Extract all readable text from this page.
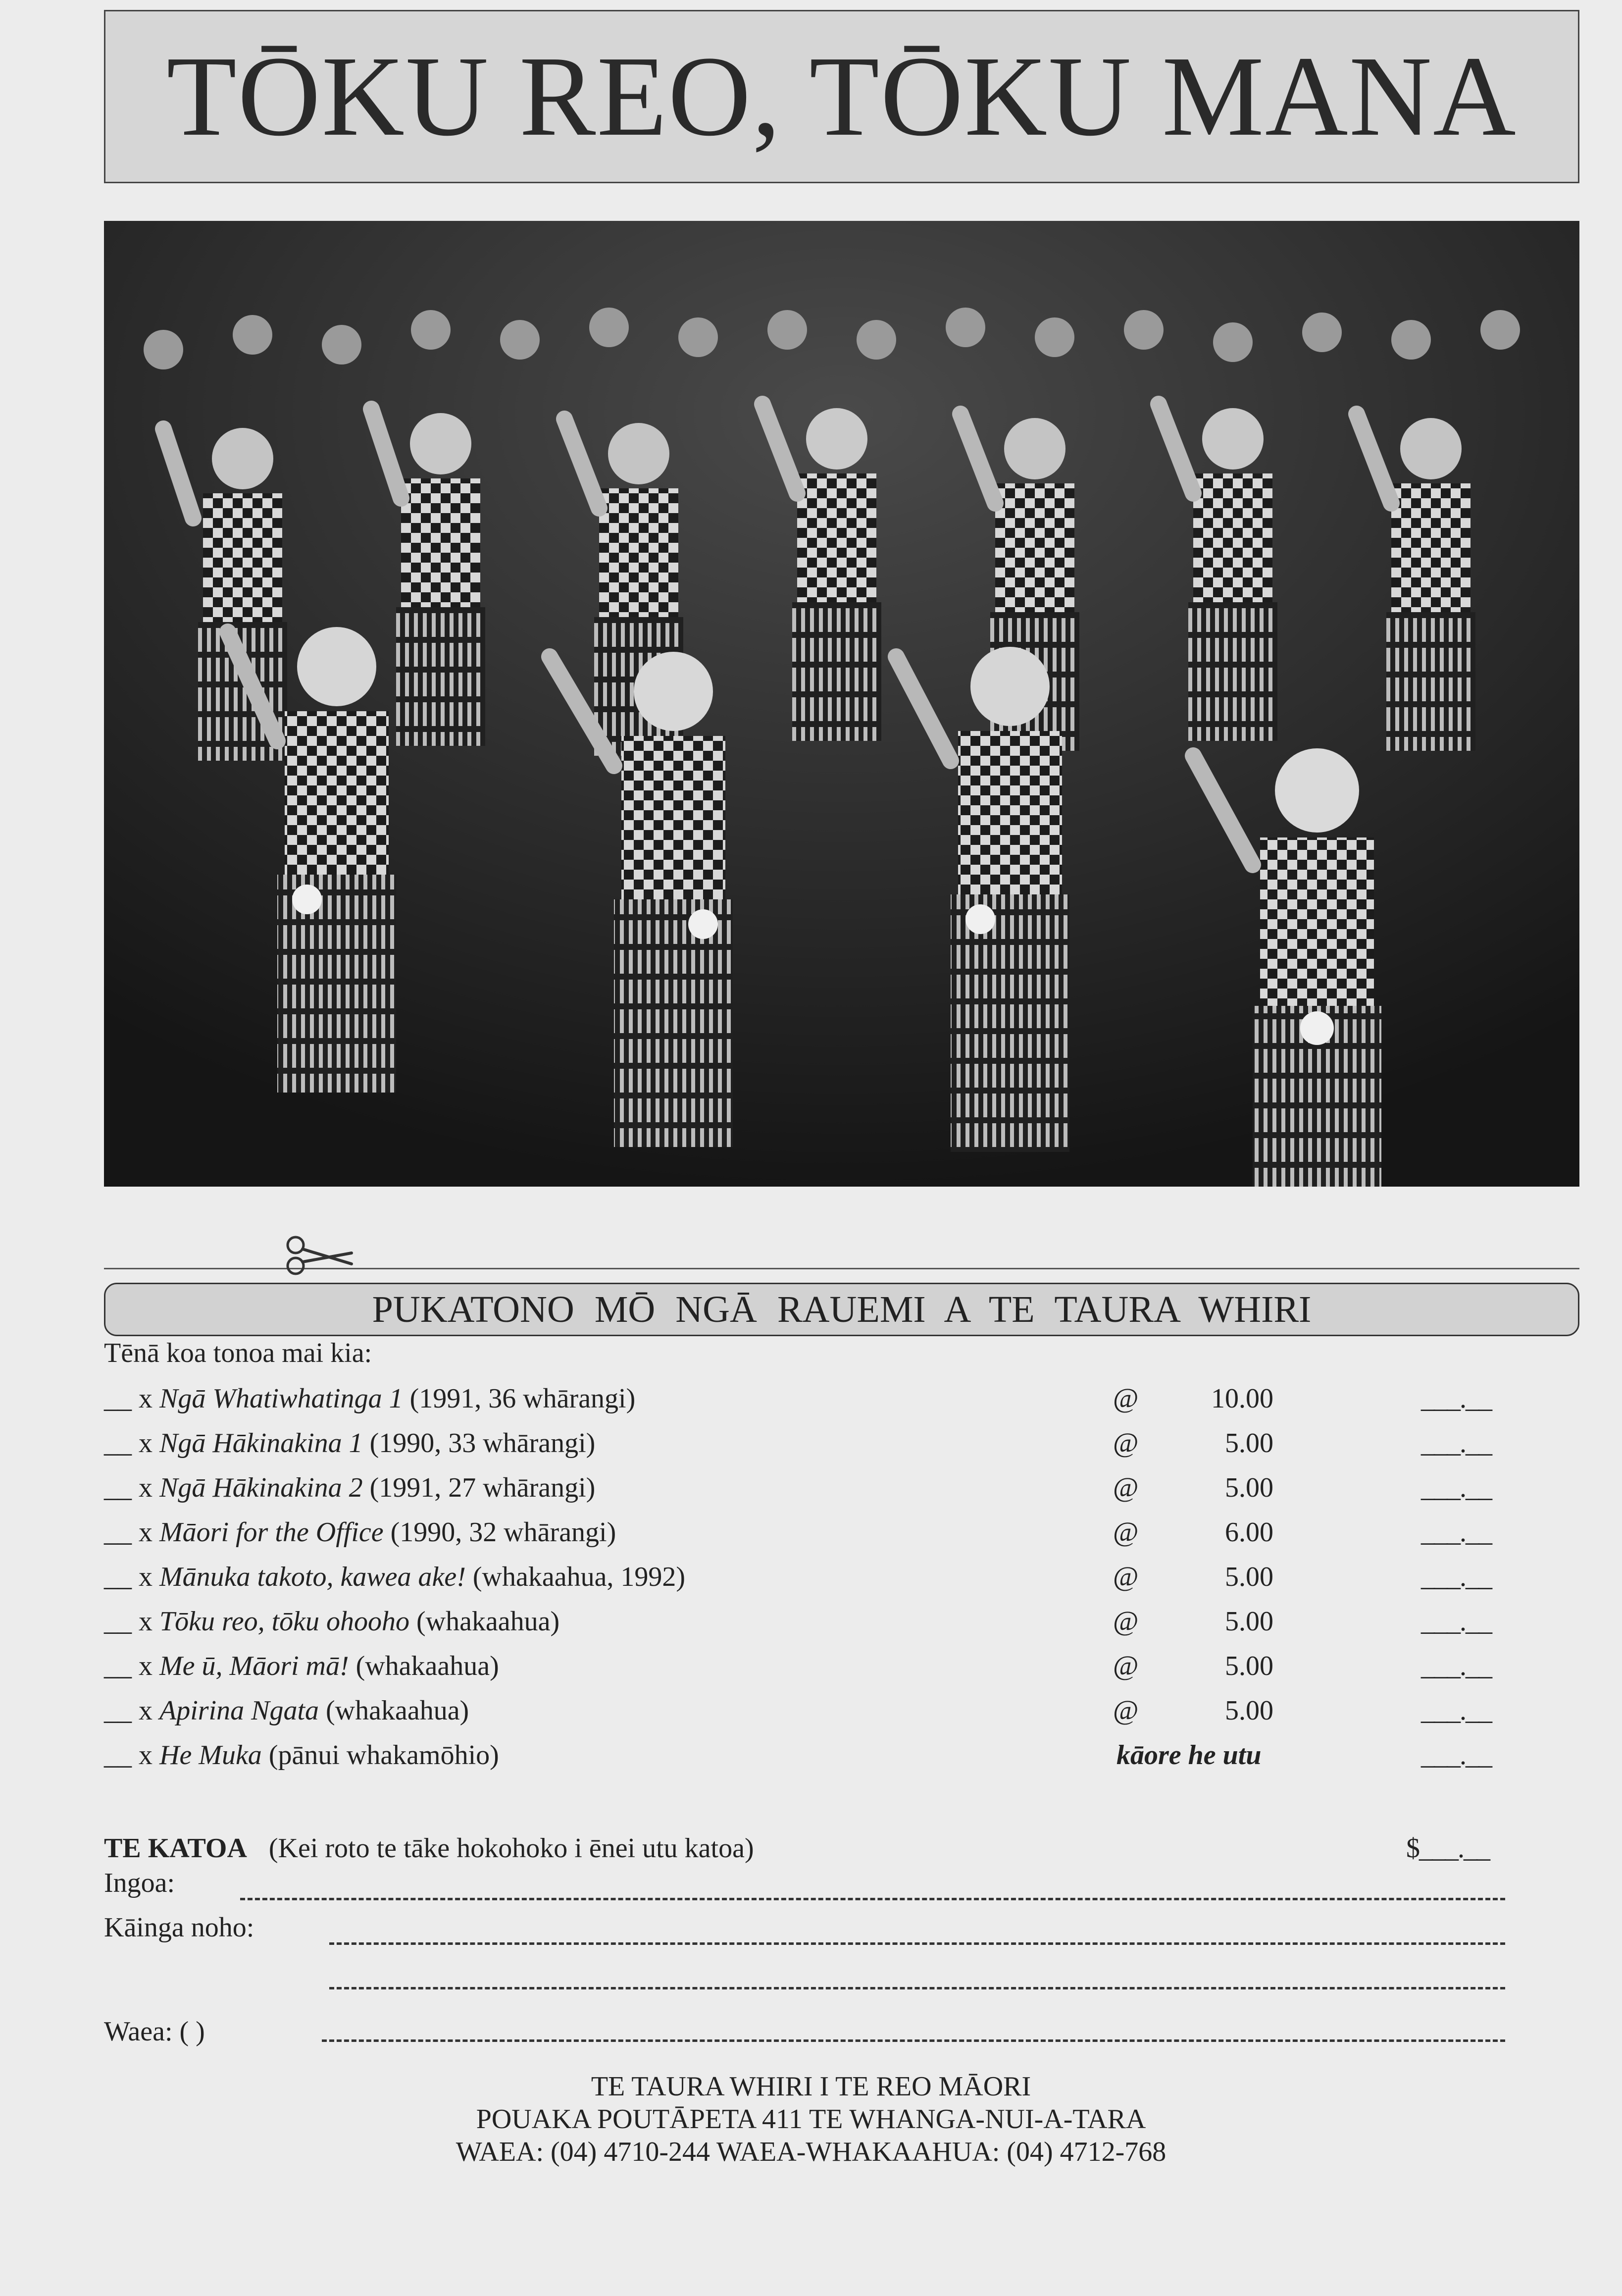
TŌKU REO, TŌKU MANA
PUKATONO MŌ NGĀ RAUEMI A TE TAURA WHIRI
Tēnā koa tonoa mai kia:
__ x Ngā Whatiwhatinga 1 (1991, 36 whārangi)	@	10.00	___.__
__ x Ngā Hākinakina 1 (1990, 33 whārangi)	@	5.00	___.__
__ x Ngā Hākinakina 2 (1991, 27 whārangi)	@	5.00	___.__
__ x Māori for the Office (1990, 32 whārangi)	@	6.00	___.__
__ x Mānuka takoto, kawea ake! (whakaahua, 1992)	@	5.00	___.__
__ x Tōku reo, tōku ohooho (whakaahua)	@	5.00	___.__
__ x Me ū, Māori mā! (whakaahua)	@	5.00	___.__
__ x Apirina Ngata (whakaahua)	@	5.00	___.__
__ x He Muka (pānui whakamōhio)	kāore he utu	___.__
TE KATOA (Kei roto te tāke hokohoko i ēnei utu katoa)	$___.__
Ingoa:
Kāinga noho:
Waea: ( )
TE TAURA WHIRI I TE REO MĀORI
POUAKA POUTĀPETA 411 TE WHANGA-NUI-A-TARA
WAEA: (04) 4710-244 WAEA-WHAKAAHUA: (04) 4712-768
